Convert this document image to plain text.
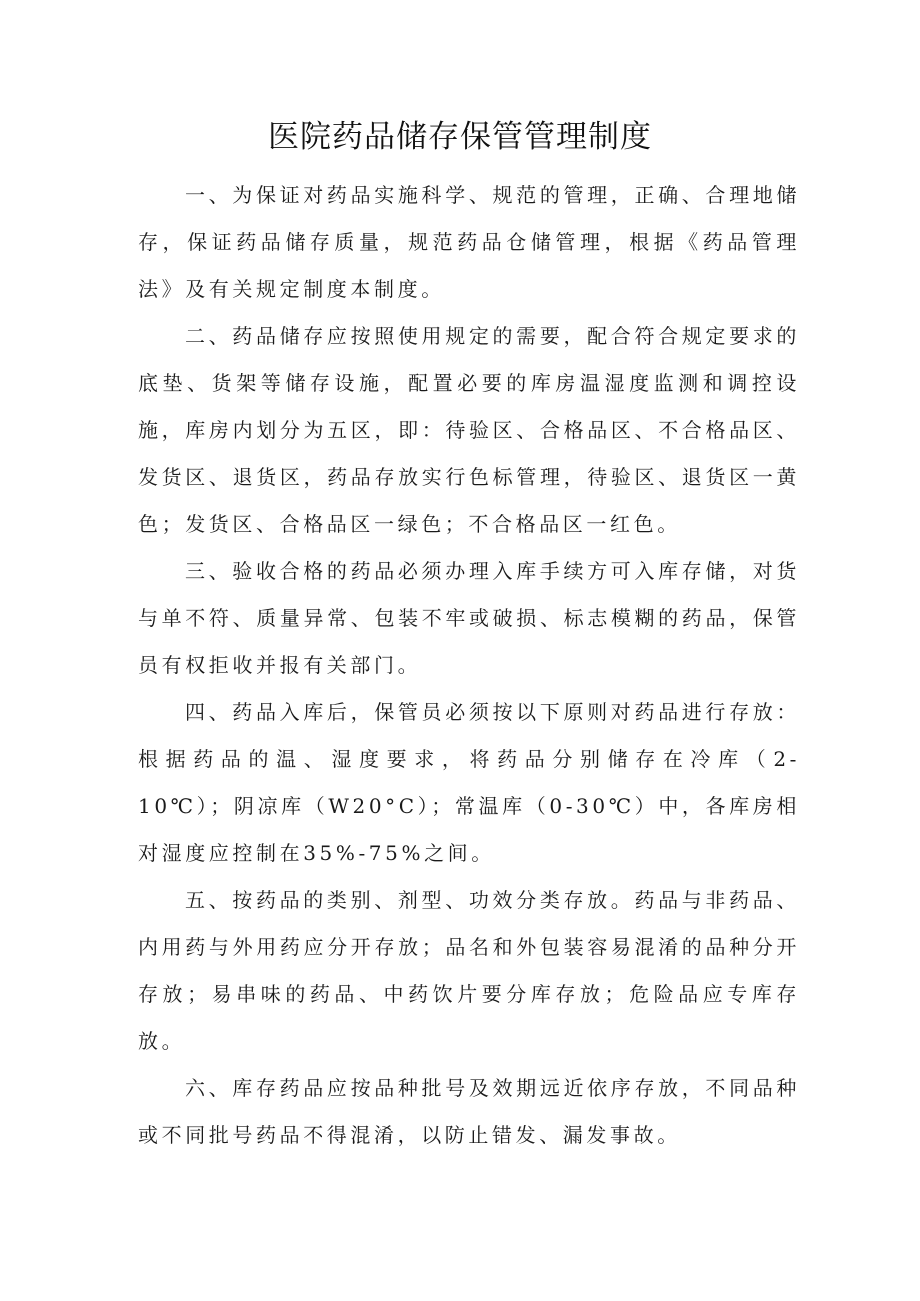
医院药品储存保管管理制度

一、为保证对药品实施科学、规范的管理，正确、合理地储存，保证药品储存质量，规范药品仓储管理，根据《药品管理法》及有关规定制度本制度。

二、药品储存应按照使用规定的需要，配合符合规定要求的底垫、货架等储存设施，配置必要的库房温湿度监测和调控设施，库房内划分为五区，即：待验区、合格品区、不合格品区、发货区、退货区，药品存放实行色标管理，待验区、退货区一黄色；发货区、合格品区一绿色；不合格品区一红色。

三、验收合格的药品必须办理入库手续方可入库存储，对货与单不符、质量异常、包装不牢或破损、标志模糊的药品，保管员有权拒收并报有关部门。

四、药品入库后，保管员必须按以下原则对药品进行存放：根据药品的温、湿度要求，将药品分别储存在冷库（2-10℃）；阴凉库（W20°C）；常温库（0-30℃）中，各库房相对湿度应控制在35%-75%之间。

五、按药品的类别、剂型、功效分类存放。药品与非药品、内用药与外用药应分开存放；品名和外包装容易混淆的品种分开存放；易串味的药品、中药饮片要分库存放；危险品应专库存放。

六、库存药品应按品种批号及效期远近依序存放，不同品种或不同批号药品不得混淆，以防止错发、漏发事故。
